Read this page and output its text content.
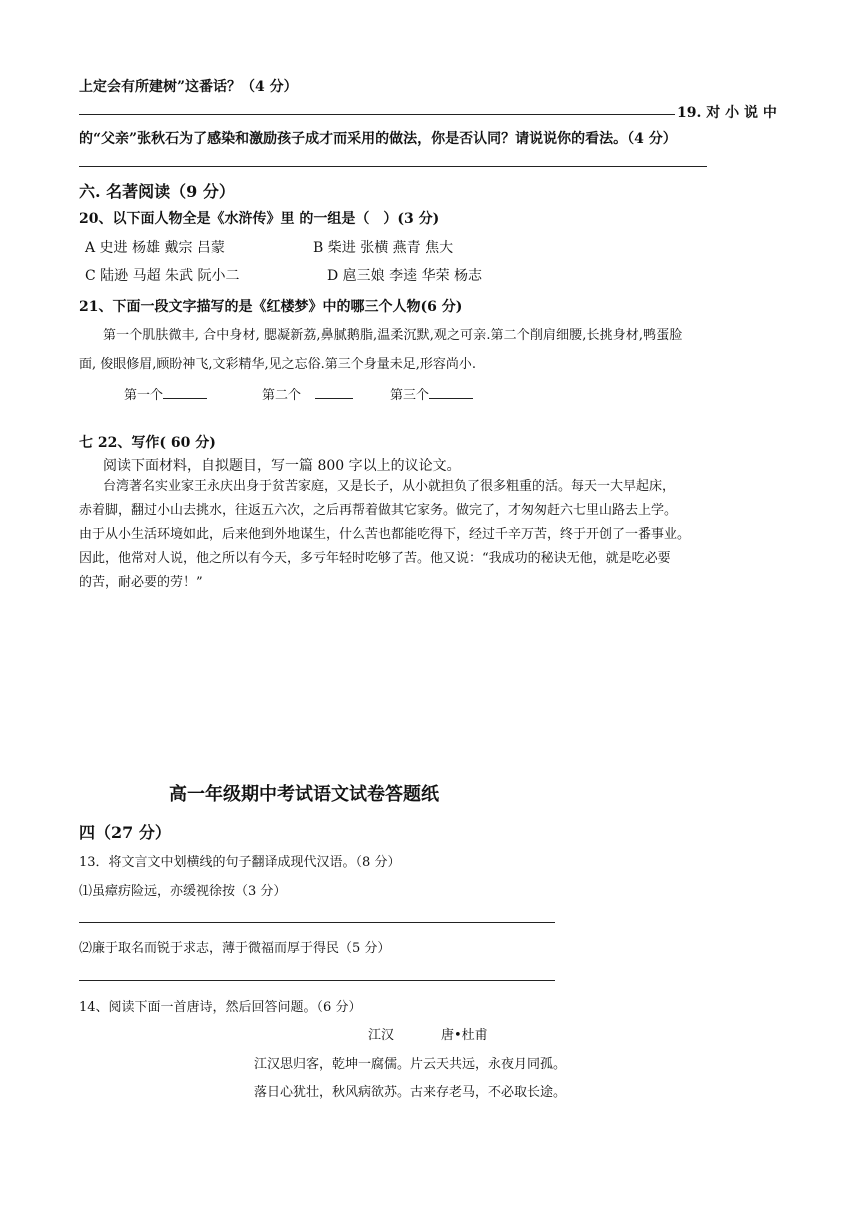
上定会有所建树”这番话？（4 分）
19. 对 小 说 中
的“父亲”张秋石为了感染和激励孩子成才而采用的做法，你是否认同？请说说你的看法。（4 分）
六. 名著阅读（9 分）
20、以下面人物全是《水浒传》里 的一组是（　）(3 分)
A 史进 杨雄 戴宗 吕蒙	B 柴进 张横 燕青 焦大
C 陆逊 马超 朱武 阮小二	D 扈三娘 李逵 华荣 杨志
21、下面一段文字描写的是《红楼梦》中的哪三个人物(6 分)
第一个肌肤微丰, 合中身材, 腮凝新荔,鼻腻鹅脂,温柔沉默,观之可亲.第二个削肩细腰,长挑身材,鸭蛋脸
面, 俊眼修眉,顾盼神飞,文彩精华,见之忘俗.第三个身量未足,形容尚小.
第一个	第二个	第三个
七 22、写作( 60 分)
阅读下面材料，自拟题目，写一篇 800 字以上的议论文。
台湾著名实业家王永庆出身于贫苦家庭，又是长子，从小就担负了很多粗重的活。每天一大早起床，
赤着脚，翻过小山去挑水，往返五六次，之后再帮着做其它家务。做完了，才匆匆赶六七里山路去上学。
由于从小生活环境如此，后来他到外地谋生，什么苦也都能吃得下，经过千辛万苦，终于开创了一番事业。
因此，他常对人说，他之所以有今天，多亏年轻时吃够了苦。他又说：“我成功的秘诀无他，就是吃必要
的苦，耐必要的劳！”
高一年级期中考试语文试卷答题纸
四（27 分）
13．将文言文中划横线的句子翻译成现代汉语。（8 分）
⑴虽瘴疠险远，亦缓视徐按（3 分）
⑵廉于取名而锐于求志，薄于微福而厚于得民（5 分）
14、阅读下面一首唐诗，然后回答问题。（6 分）
江汉	唐•杜甫
江汉思归客，乾坤一腐儒。片云天共远，永夜月同孤。
落日心犹壮，秋风病欲苏。古来存老马，不必取长途。
